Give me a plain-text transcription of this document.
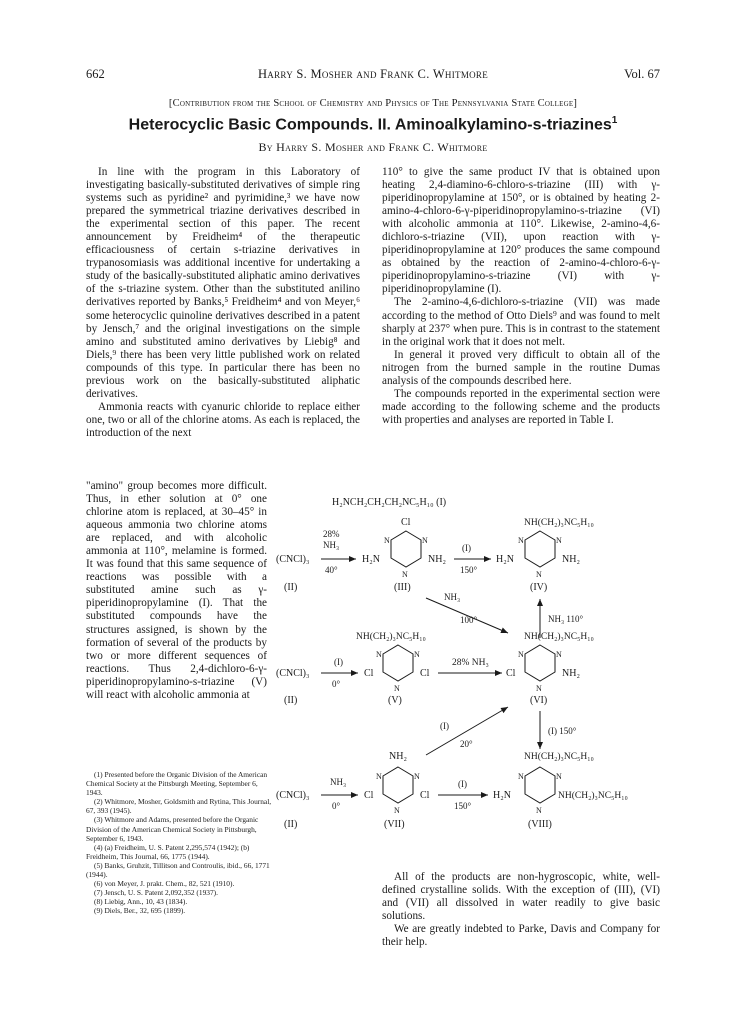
662	Harry S. Mosher and Frank C. Whitmore	Vol. 67
[Contribution from the School of Chemistry and Physics of The Pennsylvania State College]
Heterocyclic Basic Compounds. II. Aminoalkylamino-s-triazines$^1$
By Harry S. Mosher and Frank C. Whitmore

In line with the program in this Laboratory of investigating basically-substituted derivatives of simple ring systems such as pyridine² and pyrimidine,³ we have now prepared the symmetrical triazine derivatives described in the experimental section of this paper. The recent announcement by Freidheim⁴ of the therapeutic efficaciousness of certain s-triazine derivatives in trypanosomiasis was additional incentive for undertaking a study of the basically-substituted aliphatic amino derivatives of the s-triazine system. Other than the substituted anilino derivatives reported by Banks,⁵ Freidheim⁴ and von Meyer,⁶ some heterocyclic quinoline derivatives described in a patent by Jensch,⁷ and the original investigations on the simple amino and substituted amino derivatives by Liebig⁸ and Diels,⁹ there has been very little published work on related compounds of this type. In particular there has been no previous work on the basically-substituted aliphatic derivatives.

Ammonia reacts with cyanuric chloride to replace either one, two or all of the chlorine atoms. As each is replaced, the introduction of the next

"amino" group becomes more difficult. Thus, in ether solution at 0° one chlorine atom is replaced, at 30–45° in aqueous ammonia two chlorine atoms are replaced, and with alcoholic ammonia at 110°, melamine is formed. It was found that this same sequence of reactions was possible with a substituted amine such as γ-piperidinopropylamine (I). That the substituted compounds have the structures assigned, is shown by the formation of several of the products by two or more different sequences of reactions. Thus 2,4-dichloro-6-γ-piperidinopropylamino-s-triazine (V) will react with alcoholic ammonia at

(1) Presented before the Organic Division of the American Chemical Society at the Pittsburgh Meeting, September 6, 1943.
(2) Whitmore, Mosher, Goldsmith and Rytina, This Journal, 67, 393 (1945).
(3) Whitmore and Adams, presented before the Organic Division of the American Chemical Society in Pittsburgh, September 6, 1943.
(4) (a) Freidheim, U. S. Patent 2,295,574 (1942); (b) Freidheim, This Journal, 66, 1775 (1944).
(5) Banks, Gruhzit, Tillitson and Controulis, ibid., 66, 1771 (1944).
(6) von Meyer, J. prakt. Chem., 82, 521 (1910).
(7) Jensch, U. S. Patent 2,092,352 (1937).
(8) Liebig, Ann., 10, 43 (1834).
(9) Diels, Ber., 32, 695 (1899).

110° to give the same product IV that is obtained upon heating 2,4-diamino-6-chloro-s-triazine (III) with γ-piperidinopropylamine at 150°, or is obtained by heating 2-amino-4-chloro-6-γ-piperidinopropylamino-s-triazine (VI) with alcoholic ammonia at 110°. Likewise, 2-amino-4,6-dichloro-s-triazine (VII), upon reaction with γ-piperidinopropylamine at 120° produces the same compound as obtained by the reaction of 2-amino-4-chloro-6-γ-piperidinopropylamino-s-triazine (VI) with γ-piperidinopropylamine (I).

The 2-amino-4,6-dichloro-s-triazine (VII) was made according to the method of Otto Diels⁹ and was found to melt sharply at 237° when pure. This is in contrast to the statement in the original work that it does not melt.

In general it proved very difficult to obtain all of the nitrogen from the burned sample in the routine Dumas analysis of the compounds described here.

The compounds reported in the experimental section were made according to the following scheme and the products with properties and analyses are reported in Table I.

All of the products are non-hygroscopic, white, well-defined crystalline solids. With the exception of (III), (VI) and (VII) all dissolved in water readily to give basic solutions.

We are greatly indebted to Parke, Davis and Company for their help.

H₂NCH₂CH₂CH₂NC₅H₁₀ (I)
(CNCl)₃
(II)
28%
NH₃
40°
H₂N
Cl
N	N
N
NH₂
(III)
(I)
150°
H₂N
NH(CH₂)₃NC₅H₁₀
N	N
N
NH₂
(IV)
NH₃
100°	NH₃ 110°
(CNCl)₃
(II)
(I)
0°
Cl
NH(CH₂)₃NC₅H₁₀
N	N
N
Cl
(V)
28% NH₃
Cl
NH(CH₂)₃NC₅H₁₀
N	N
N
NH₂
(VI)
(I)
20°
(I) 150°
(CNCl)₃
(II)
NH₃
0°
Cl
NH₂
N	N
N
Cl
(VII)
(I)
150°
H₂N
NH(CH₂)₃NC₅H₁₀
N	N
N
NH(CH₂)₃NC₅H₁₀
(VIII)
